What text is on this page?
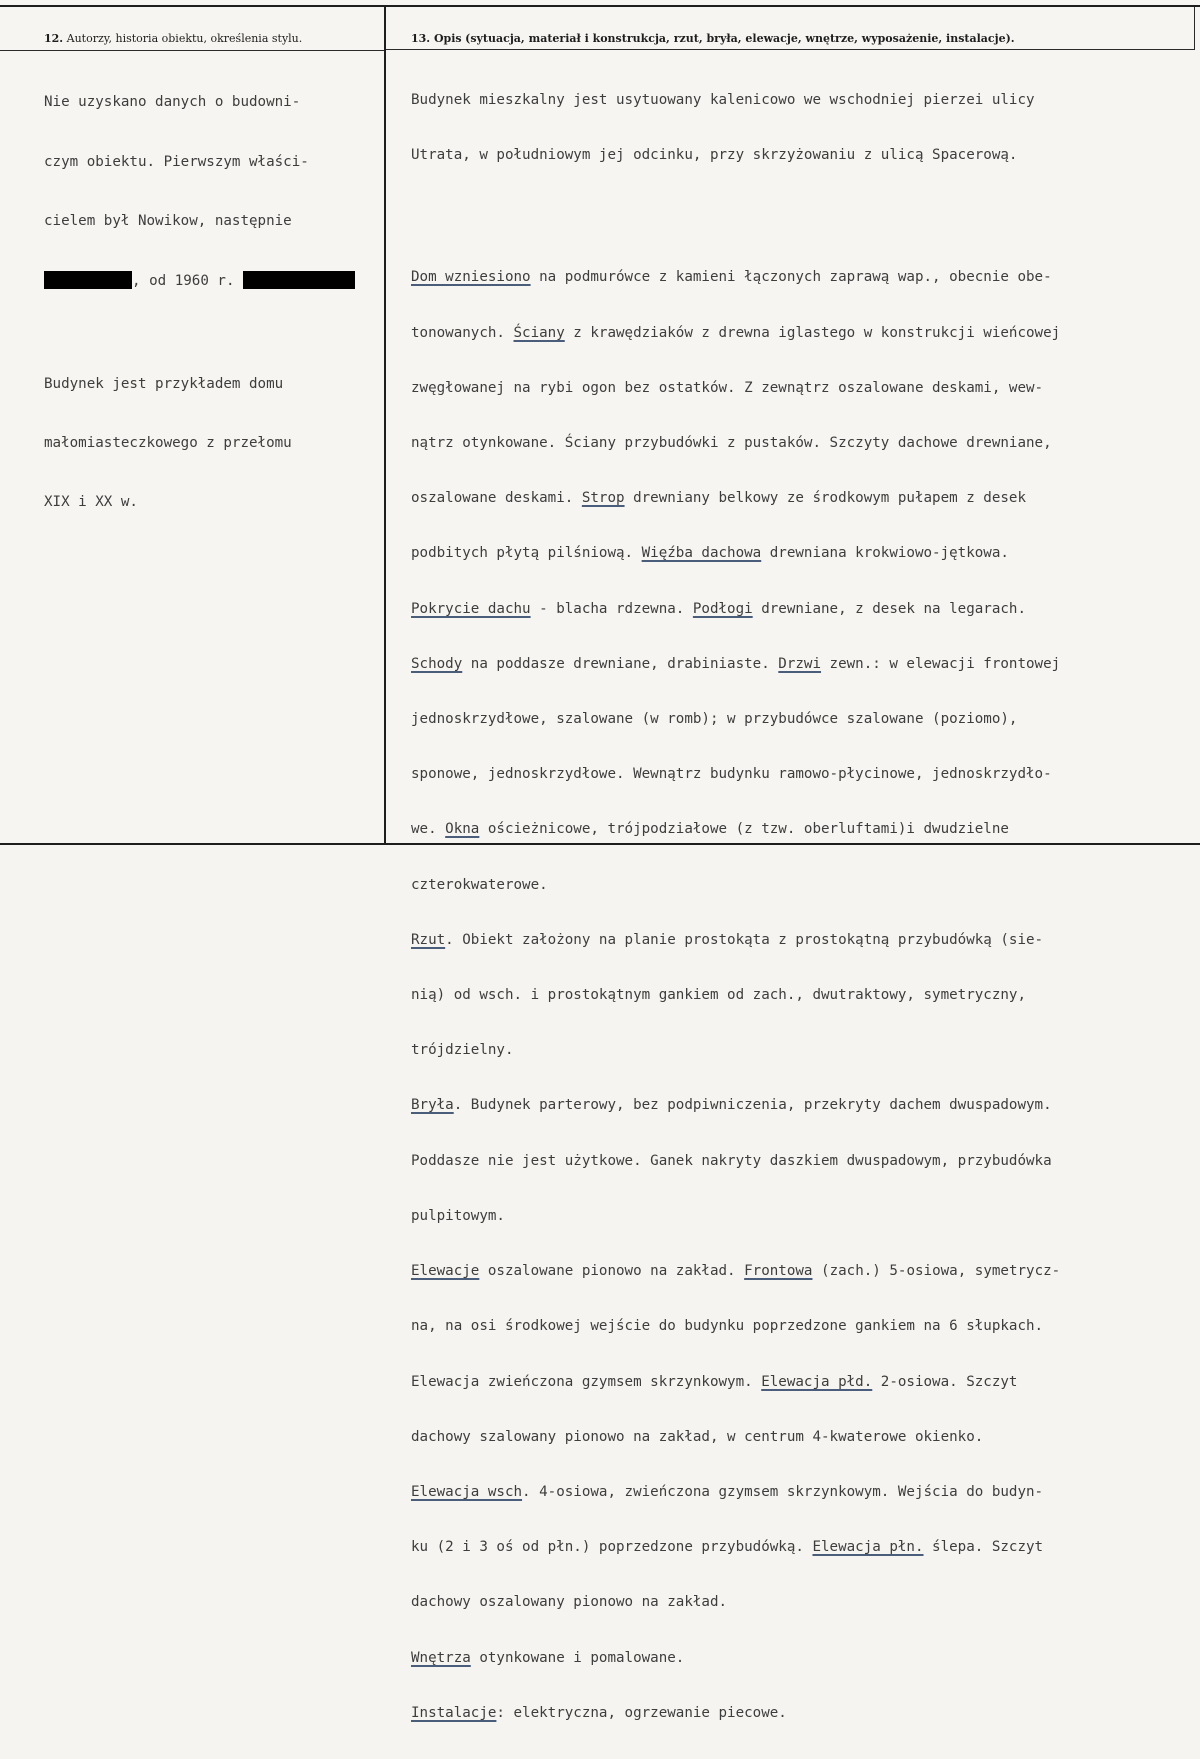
12. Autorzy, historia obiektu, określenia stylu.	13. Opis (sytuacja, materiał i konstrukcja, rzut, bryła, elewacje, wnętrze, wyposażenie, instalacje).

Nie uzyskano danych o budowni-

czym obiektu. Pierwszym właści-

cielem był Nowikow, następnie

, od 1960 r.

Budynek jest przykładem domu

małomiasteczkowego z przełomu

XIX i XX w.

Budynek mieszkalny jest usytuowany kalenicowo we wschodniej pierzei ulicy

Utrata, w południowym jej odcinku, przy skrzyżowaniu z ulicą Spacerową.

Dom wzniesiono na podmurówce z kamieni łączonych zaprawą wap., obecnie obe-

tonowanych. Ściany z krawędziaków z drewna iglastego w konstrukcji wieńcowej

zwęgłowanej na rybi ogon bez ostatków. Z zewnątrz oszalowane deskami, wew-

nątrz otynkowane. Ściany przybudówki z pustaków. Szczyty dachowe drewniane,

oszalowane deskami. Strop drewniany belkowy ze środkowym pułapem z desek

podbitych płytą pilśniową. Więźba dachowa drewniana krokwiowo-jętkowa.

Pokrycie dachu - blacha rdzewna. Podłogi drewniane, z desek na legarach.

Schody na poddasze drewniane, drabiniaste. Drzwi zewn.: w elewacji frontowej

jednoskrzydłowe, szalowane (w romb); w przybudówce szalowane (poziomo),

sponowe, jednoskrzydłowe. Wewnątrz budynku ramowo-płycinowe, jednoskrzydło-

we. Okna ościeżnicowe, trójpodziałowe (z tzw. oberluftami)i dwudzielne

czterokwaterowe.

Rzut. Obiekt założony na planie prostokąta z prostokątną przybudówką (sie-

nią) od wsch. i prostokątnym gankiem od zach., dwutraktowy, symetryczny,

trójdzielny.

Bryła. Budynek parterowy, bez podpiwniczenia, przekryty dachem dwuspadowym.

Poddasze nie jest użytkowe. Ganek nakryty daszkiem dwuspadowym, przybudówka

pulpitowym.

Elewacje oszalowane pionowo na zakład. Frontowa (zach.) 5-osiowa, symetrycz-

na, na osi środkowej wejście do budynku poprzedzone gankiem na 6 słupkach.

Elewacja zwieńczona gzymsem skrzynkowym. Elewacja płd. 2-osiowa. Szczyt

dachowy szalowany pionowo na zakład, w centrum 4-kwaterowe okienko.

Elewacja wsch. 4-osiowa, zwieńczona gzymsem skrzynkowym. Wejścia do budyn-

ku (2 i 3 oś od płn.) poprzedzone przybudówką. Elewacja płn. ślepa. Szczyt

dachowy oszalowany pionowo na zakład.

Wnętrza otynkowane i pomalowane.

Instalacje: elektryczna, ogrzewanie piecowe.
